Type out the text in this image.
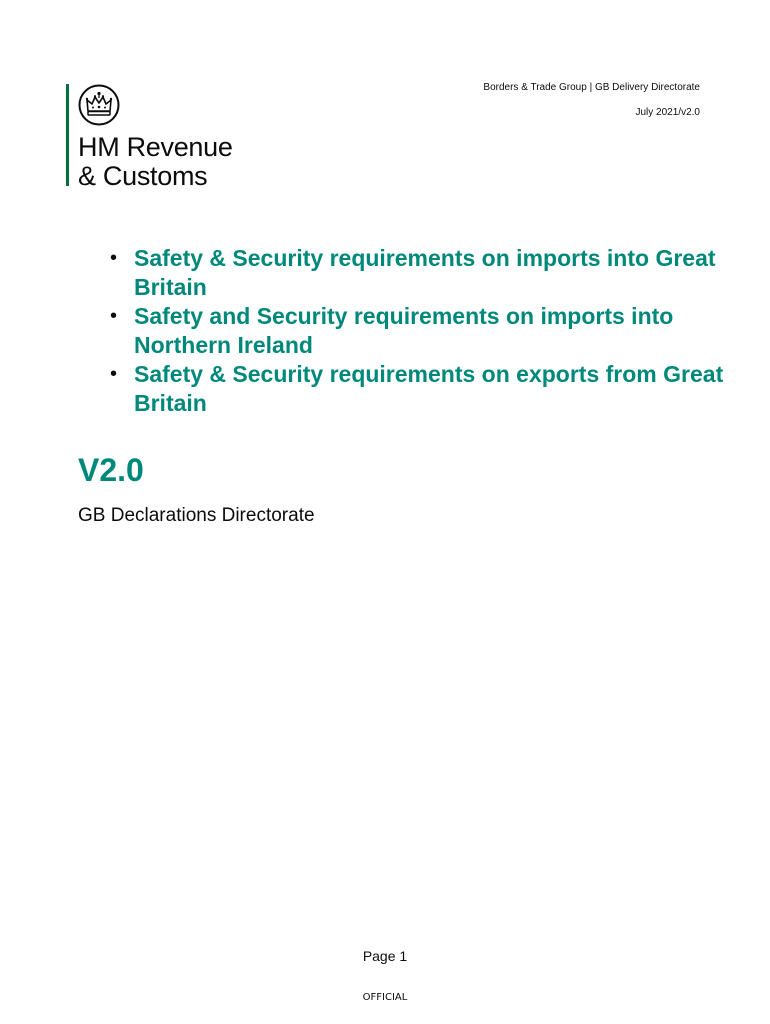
HM Revenue
& Customs
Borders & Trade Group | GB Delivery Directorate
July 2021/v2.0
• Safety & Security requirements on imports into Great Britain
• Safety and Security requirements on imports into Northern Ireland
• Safety & Security requirements on exports from Great Britain
V2.0
GB Declarations Directorate
Page 1
OFFICIAL
